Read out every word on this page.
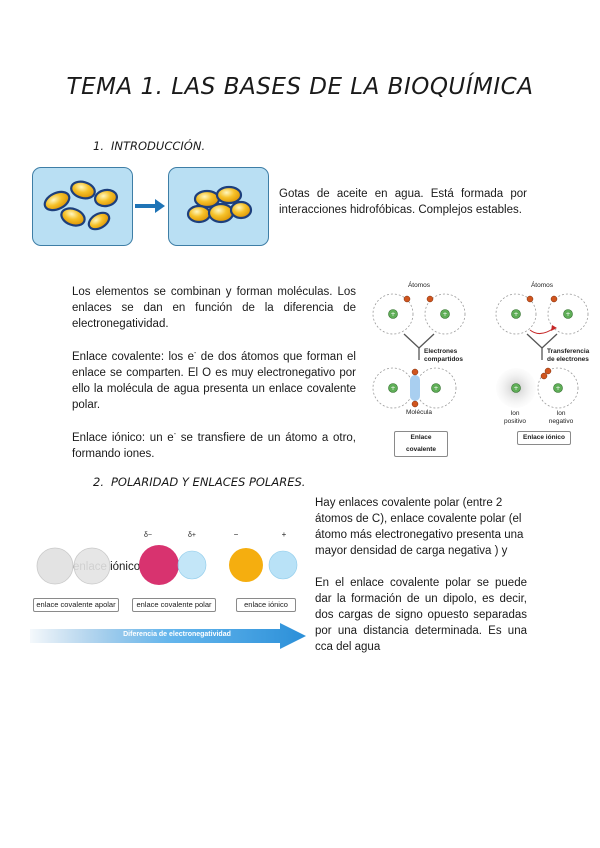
TEMA 1. LAS BASES DE LA BIOQUÍMICA
1. INTRODUCCIÓN.
Gotas de aceite en agua. Está formada por interacciones hidrofóbicas. Complejos estables.

Los elementos se combinan y forman moléculas. Los enlaces se dan en función de la diferencia de electronegatividad.

Enlace covalente: los e- de dos átomos que forman el enlace se comparten. El O es muy electronegativo por ello la molécula de agua presenta un enlace covalente polar.

Enlace iónico: un e- se transfiere de un átomo a otro, formando iones.

+	+
+	+
+	+
+	+
Átomos	Átomos
Electrones compartidos
Transferencia de electrones
Molécula	Ion positivo
Ion negativo
Enlace covalente
Enlace iónico
2. POLARIDAD Y ENLACES POLARES.
Hay enlaces covalente polar (entre 2 átomos de C), enlace covalente polar (el átomo más electronegativo presenta una mayor densidad de carga negativa ) y iónico
En el enlace covalente polar se puede dar la formación de un dipolo, es decir, dos cargas de signo opuesto separadas por una distancia determinada. Es una cca del agua
δ−	δ+	−	+
enlace covalente apolar	enlace covalente polar	enlace iónico
Diferencia de electronegatividad
